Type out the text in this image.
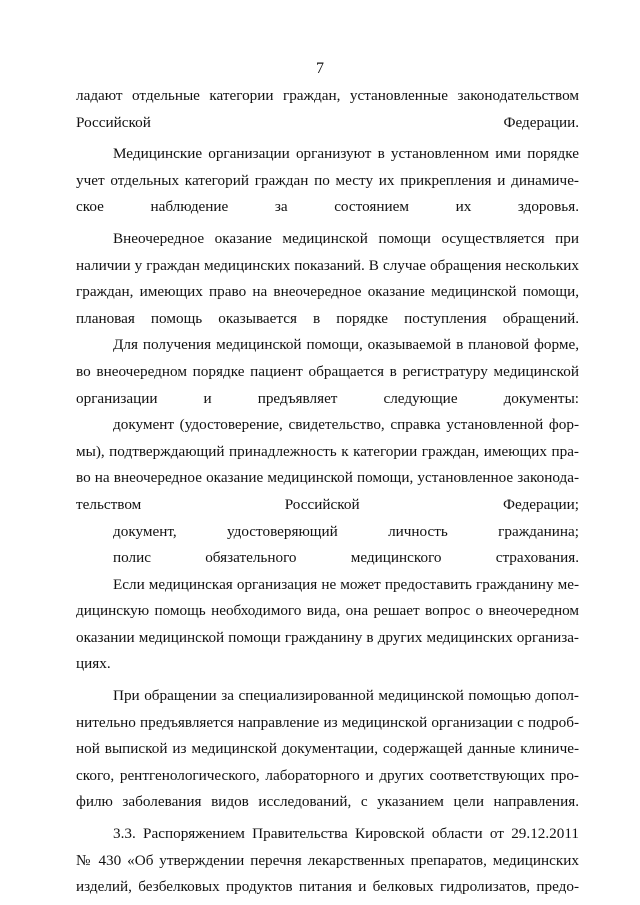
7

ладают отдельные категории граждан, установленные законодательством
Российской Федерации.

Медицинские организации организуют в установленном ими порядке
учет отдельных категорий граждан по месту их прикрепления и динамиче-
ское наблюдение за состоянием их здоровья.

Внеочередное оказание медицинской помощи осуществляется при
наличии у граждан медицинских показаний. В случае обращения нескольких
граждан, имеющих право на внеочередное оказание медицинской помощи,
плановая помощь оказывается в порядке поступления обращений.

Для получения медицинской помощи, оказываемой в плановой форме,
во внеочередном порядке пациент обращается в регистратуру медицинской
организации и предъявляет следующие документы:

документ (удостоверение, свидетельство, справка установленной фор-
мы), подтверждающий принадлежность к категории граждан, имеющих пра-
во на внеочередное оказание медицинской помощи, установленное законода-
тельством Российской Федерации;

документ, удостоверяющий личность гражданина;

полис обязательного медицинского страхования.

Если медицинская организация не может предоставить гражданину ме-
дицинскую помощь необходимого вида, она решает вопрос о внеочередном
оказании медицинской помощи гражданину в других медицинских организа-
циях.

При обращении за специализированной медицинской помощью допол-
нительно предъявляется направление из медицинской организации с подроб-
ной выпиской из медицинской документации, содержащей данные клиниче-
ского, рентгенологического, лабораторного и других соответствующих про-
филю заболевания видов исследований, с указанием цели направления.

3.3. Распоряжением Правительства Кировской области от 29.12.2011
№ 430 «Об утверждении перечня лекарственных препаратов, медицинских
изделий, безбелковых продуктов питания и белковых гидролизатов, предо-
